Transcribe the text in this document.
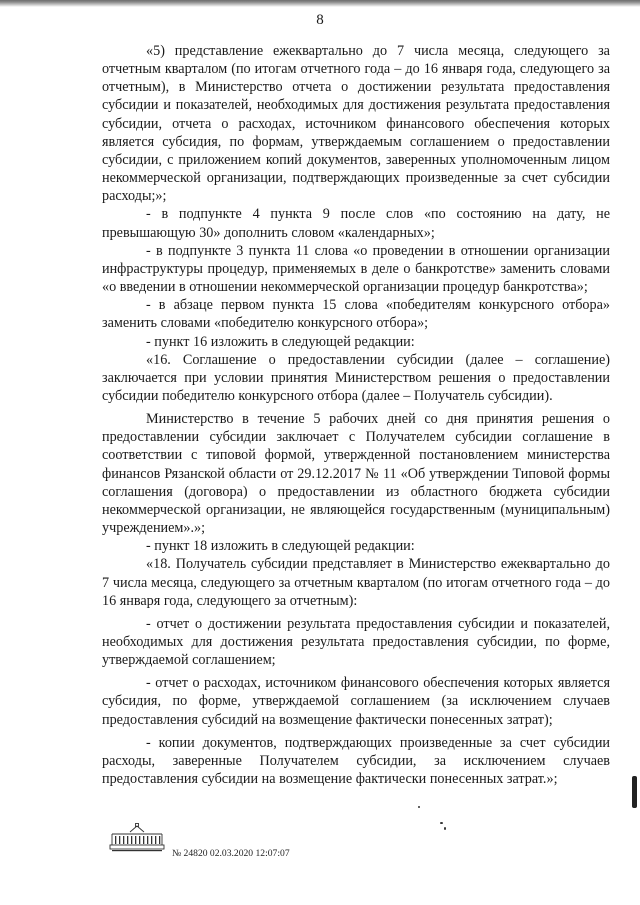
8

«5) представление ежеквартально до 7 числа месяца, следующего за отчетным кварталом (по итогам отчетного года – до 16 января года, следующего за отчетным), в Министерство отчета о достижении результата предоставления субсидии и показателей, необходимых для достижения результата предоставления субсидии, отчета о расходах, источником финансового обеспечения которых является субсидия, по формам, утверждаемым соглашением о предоставлении субсидии, с приложением копий документов, заверенных уполномоченным лицом некоммерческой организации, подтверждающих произведенные за счет субсидии расходы;»;

- в подпункте 4 пункта 9 после слов «по состоянию на дату, не превышающую 30» дополнить словом «календарных»;

- в подпункте 3 пункта 11 слова «о проведении в отношении организации инфраструктуры процедур, применяемых в деле о банкротстве» заменить словами «о введении в отношении некоммерческой организации процедур банкротства»;

- в абзаце первом пункта 15 слова «победителям конкурсного отбора» заменить словами «победителю конкурсного отбора»;

- пункт 16 изложить в следующей редакции:

«16. Соглашение о предоставлении субсидии (далее – соглашение) заключается при условии принятия Министерством решения о предоставлении субсидии победителю конкурсного отбора (далее – Получатель субсидии).

Министерство в течение 5 рабочих дней со дня принятия решения о предоставлении субсидии заключает с Получателем субсидии соглашение в соответствии с типовой формой, утвержденной постановлением министерства финансов Рязанской области от 29.12.2017 № 11 «Об утверждении Типовой формы соглашения (договора) о предоставлении из областного бюджета субсидии некоммерческой организации, не являющейся государственным (муниципальным) учреждением».»;

- пункт 18 изложить в следующей редакции:

«18. Получатель субсидии представляет в Министерство ежеквартально до 7 числа месяца, следующего за отчетным кварталом (по итогам отчетного года – до 16 января года, следующего за отчетным):

- отчет о достижении результата предоставления субсидии и показателей, необходимых для достижения результата предоставления субсидии, по форме, утверждаемой соглашением;

- отчет о расходах, источником финансового обеспечения которых является субсидия, по форме, утверждаемой соглашением (за исключением случаев предоставления субсидий на возмещение фактически понесенных затрат);

- копии документов, подтверждающих произведенные за счет субсидии расходы, заверенные Получателем субсидии, за исключением случаев предоставления субсидии на возмещение фактически понесенных затрат.»;

№ 24820 02.03.2020 12:07:07
